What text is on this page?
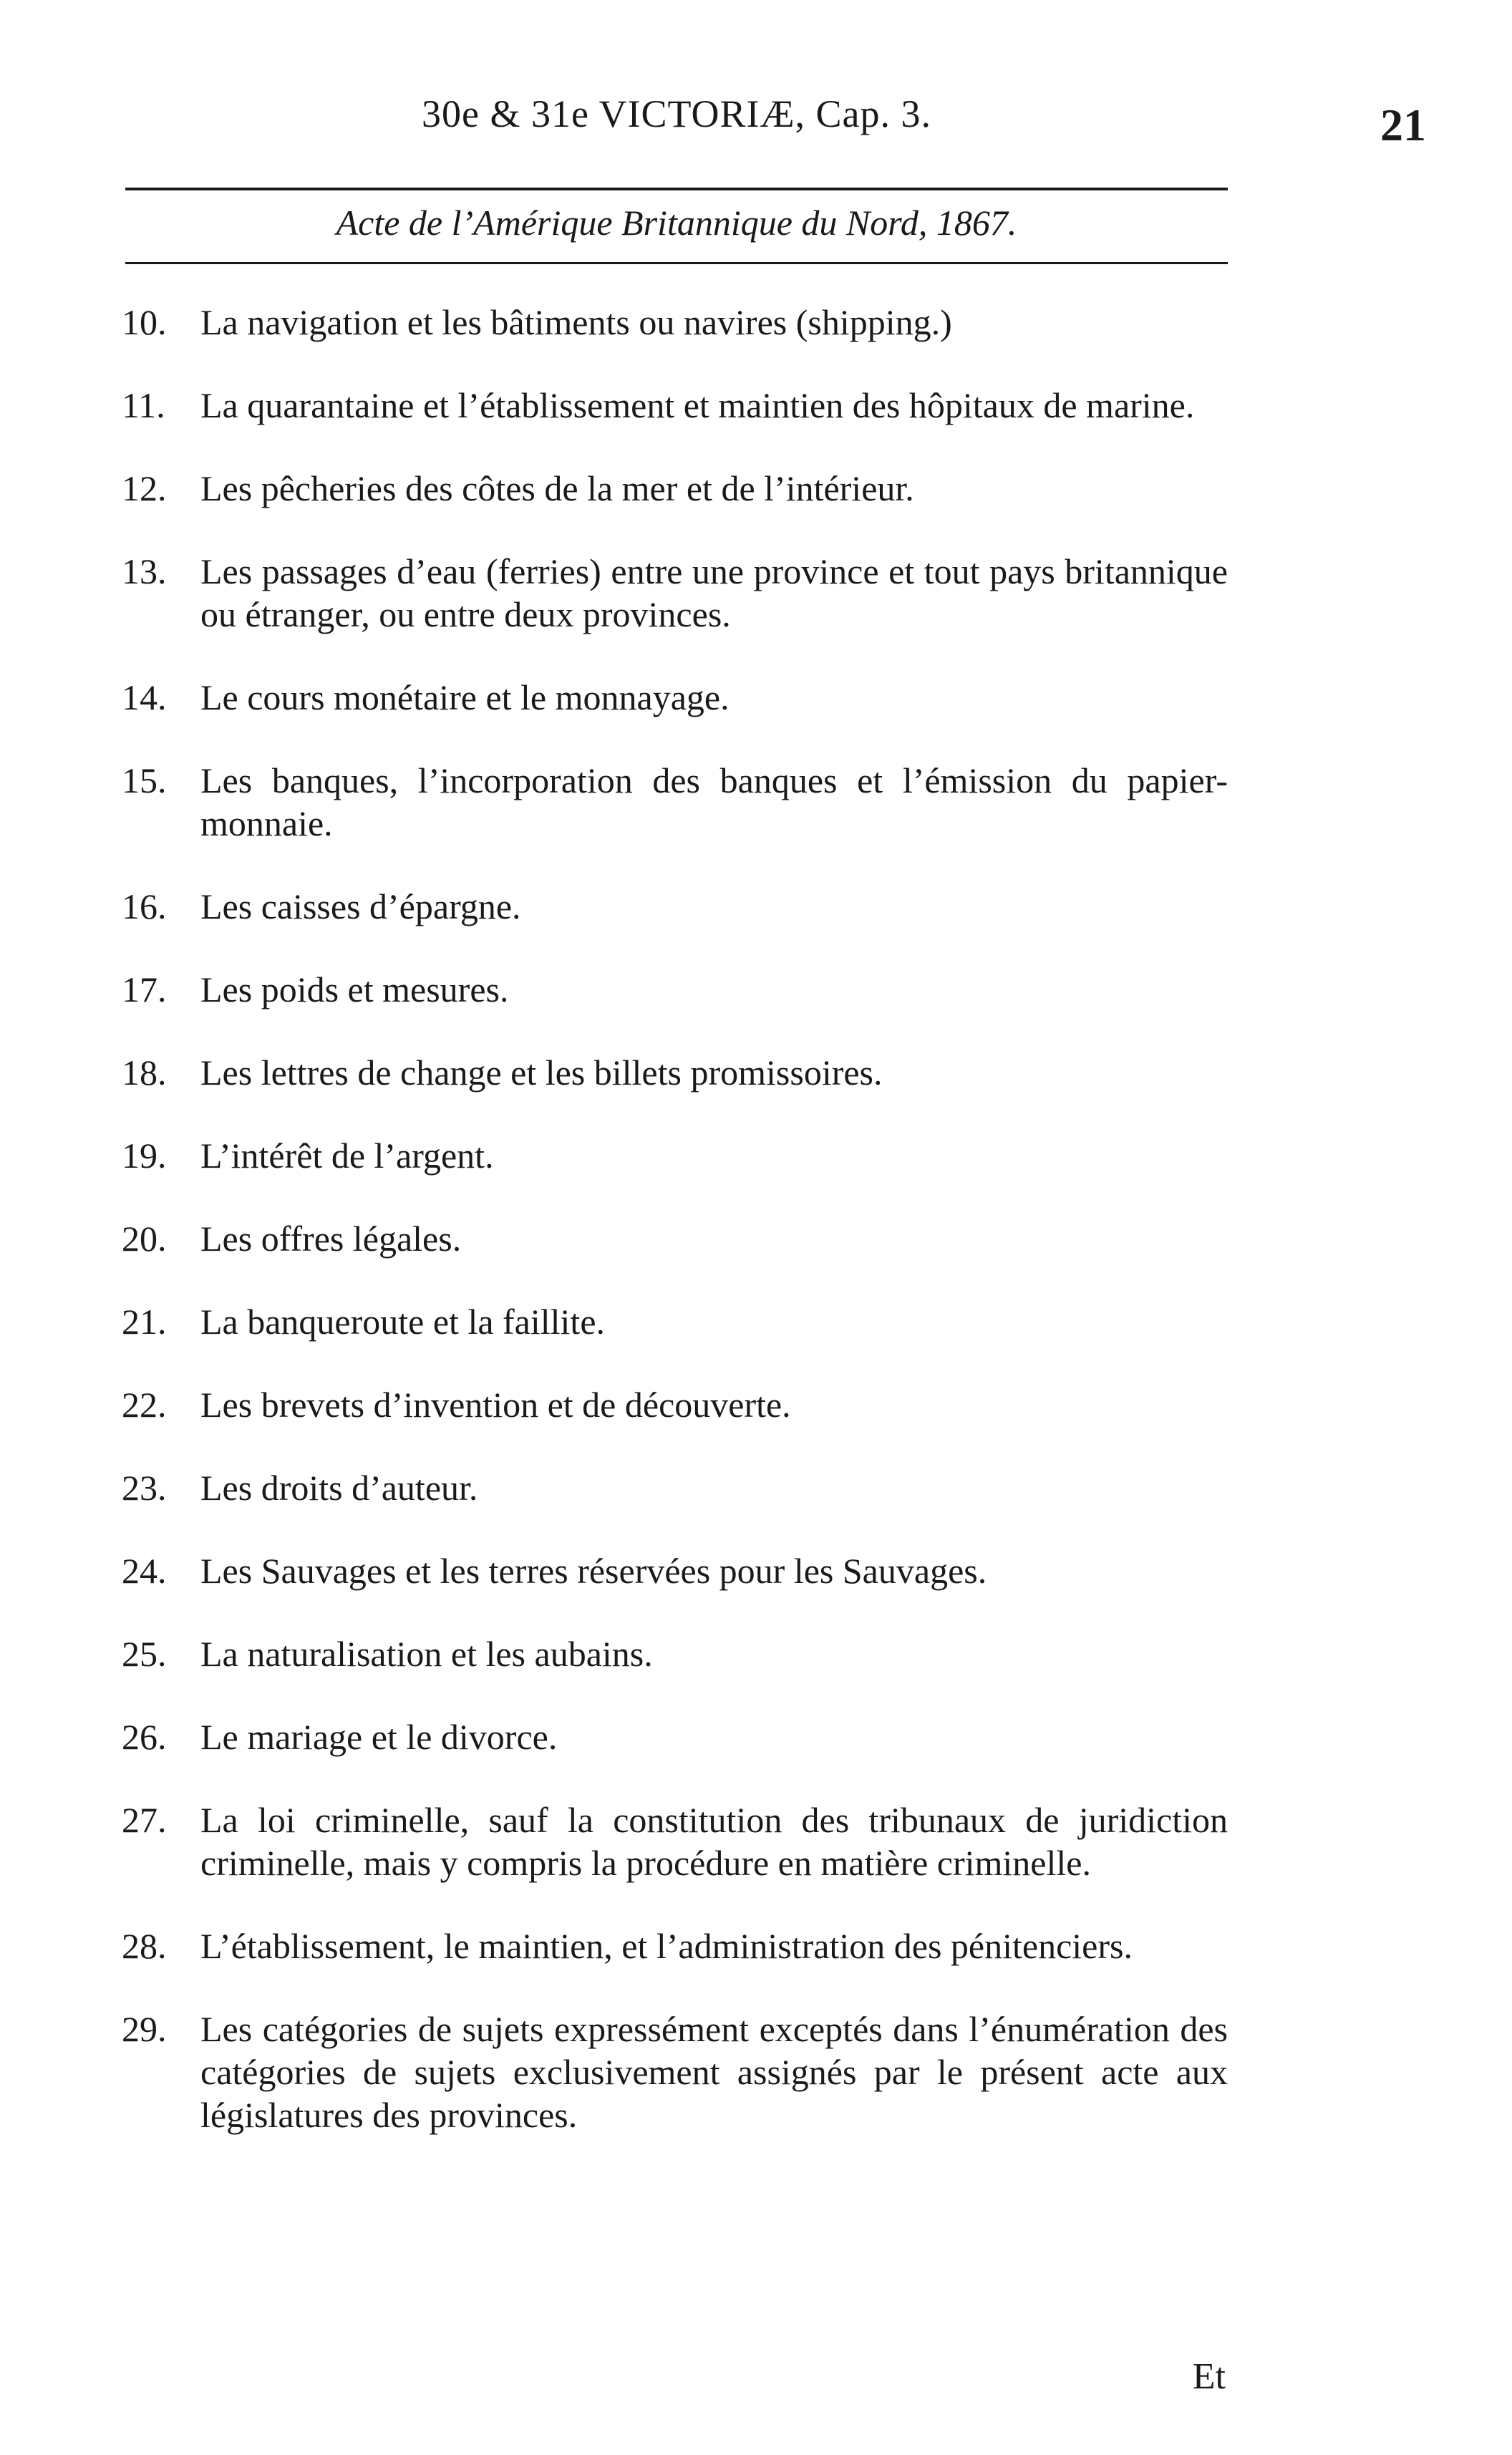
30e & 31e VICTORIÆ, Cap. 3.	21
Acte de l’Amérique Britannique du Nord, 1867.
10. La navigation et les bâtiments ou navires (shipping.)
11. La quarantaine et l’établissement et maintien des hôpitaux de marine.
12. Les pêcheries des côtes de la mer et de l’intérieur.
13. Les passages d’eau (ferries) entre une province et tout pays britannique ou étranger, ou entre deux provinces.
14. Le cours monétaire et le monnayage.
15. Les banques, l’incorporation des banques et l’émission du papier-monnaie.
16. Les caisses d’épargne.
17. Les poids et mesures.
18. Les lettres de change et les billets promissoires.
19. L’intérêt de l’argent.
20. Les offres légales.
21. La banqueroute et la faillite.
22. Les brevets d’invention et de découverte.
23. Les droits d’auteur.
24. Les Sauvages et les terres réservées pour les Sauvages.
25. La naturalisation et les aubains.
26. Le mariage et le divorce.
27. La loi criminelle, sauf la constitution des tribunaux de juridiction criminelle, mais y compris la procédure en matière criminelle.
28. L’établissement, le maintien, et l’administration des pénitenciers.
29. Les catégories de sujets expressément exceptés dans l’énumération des catégories de sujets exclusivement assignés par le présent acte aux législatures des provinces.
Et
